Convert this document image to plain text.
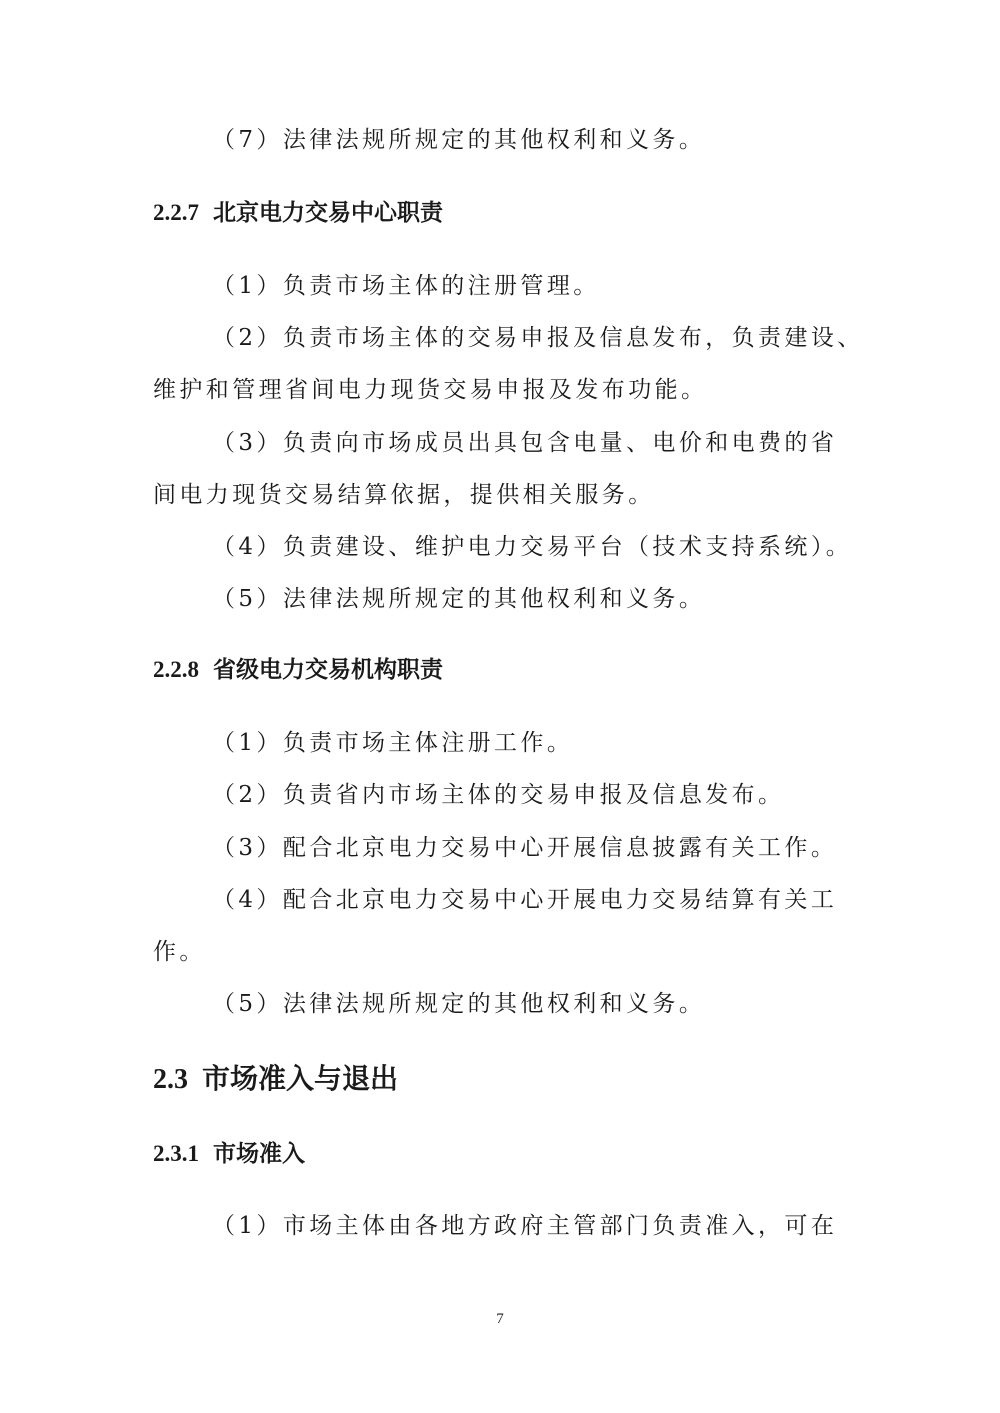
（7）法律法规所规定的其他权利和义务。
2.2.7 北京电力交易中心职责
（1）负责市场主体的注册管理。
（2）负责市场主体的交易申报及信息发布，负责建设、
维护和管理省间电力现货交易申报及发布功能。
（3）负责向市场成员出具包含电量、电价和电费的省
间电力现货交易结算依据，提供相关服务。
（4）负责建设、维护电力交易平台（技术支持系统）。
（5）法律法规所规定的其他权利和义务。
2.2.8 省级电力交易机构职责
（1）负责市场主体注册工作。
（2）负责省内市场主体的交易申报及信息发布。
（3）配合北京电力交易中心开展信息披露有关工作。
（4）配合北京电力交易中心开展电力交易结算有关工
作。
（5）法律法规所规定的其他权利和义务。
2.3 市场准入与退出
2.3.1 市场准入
（1）市场主体由各地方政府主管部门负责准入，可在
7
